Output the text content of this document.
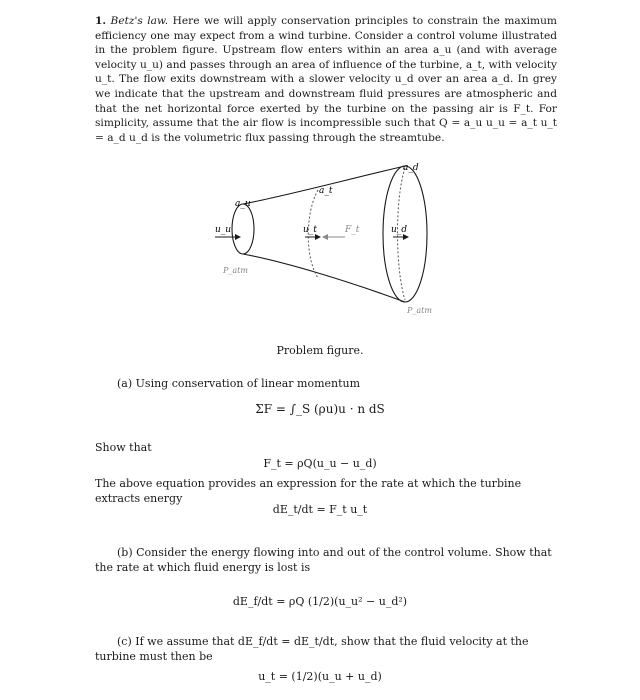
1. Betz's law. Here we will apply conservation principles to constrain the maximum efficiency one may expect from a wind turbine. Consider a control volume illustrated in the problem figure. Upstream flow enters within an area a_u (and with average velocity u_u) and passes through an area of influence of the turbine, a_t, with velocity u_t. The flow exits downstream with a slower velocity u_d over an area a_d. In grey we indicate that the upstream and downstream fluid pressures are atmospheric and that the net horizontal force exerted by the turbine on the passing air is F_t. For simplicity, assume that the air flow is incompressible such that Q = a_u u_u = a_t u_t = a_d u_d is the volumetric flux passing through the streamtube.
a_u
a_t
a_d
u_u	u_t	F_t	u_d
P_atm
P_atm
Problem figure.
(a) Using conservation of linear momentum
ΣF = ∫_S (ρu)u · n dS
Show that
F_t = ρQ(u_u − u_d)
The above equation provides an expression for the rate at which the turbine extracts energy
dE_t/dt = F_t u_t
(b) Consider the energy flowing into and out of the control volume. Show that the rate at which fluid energy is lost is
dE_f/dt = ρQ (1/2)(u_u² − u_d²)
(c) If we assume that dE_f/dt = dE_t/dt, show that the fluid velocity at the turbine must then be
u_t = (1/2)(u_u + u_d)
